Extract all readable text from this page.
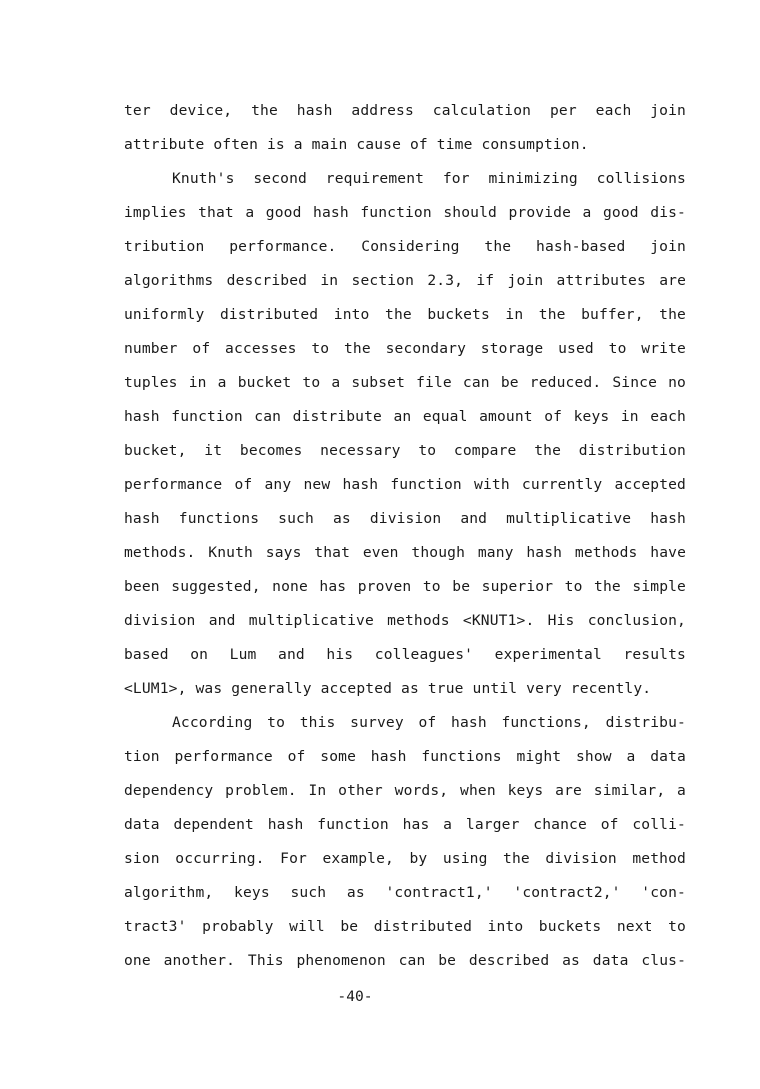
ter device, the hash address calculation per each join
attribute often is a main cause of time consumption.
Knuth's second requirement for minimizing collisions
implies that a good hash function should provide a good dis-
tribution performance. Considering the hash-based join
algorithms described in section 2.3, if join attributes are
uniformly distributed into the buckets in the buffer, the
number of accesses to the secondary storage used to write
tuples in a bucket to a subset file can be reduced. Since no
hash function can distribute an equal amount of keys in each
bucket, it becomes necessary to compare the distribution
performance of any new hash function with currently accepted
hash functions such as division and multiplicative hash
methods. Knuth says that even though many hash methods have
been suggested, none has proven to be superior to the simple
division and multiplicative methods <KNUT1>. His conclusion,
based on Lum and his colleagues' experimental results
<LUM1>, was generally accepted as true until very recently.
According to this survey of hash functions, distribu-
tion performance of some hash functions might show a data
dependency problem. In other words, when keys are similar, a
data dependent hash function has a larger chance of colli-
sion occurring. For example, by using the division method
algorithm, keys such as 'contract1,' 'contract2,' 'con-
tract3' probably will be distributed into buckets next to
one another. This phenomenon can be described as data clus-
-40-
